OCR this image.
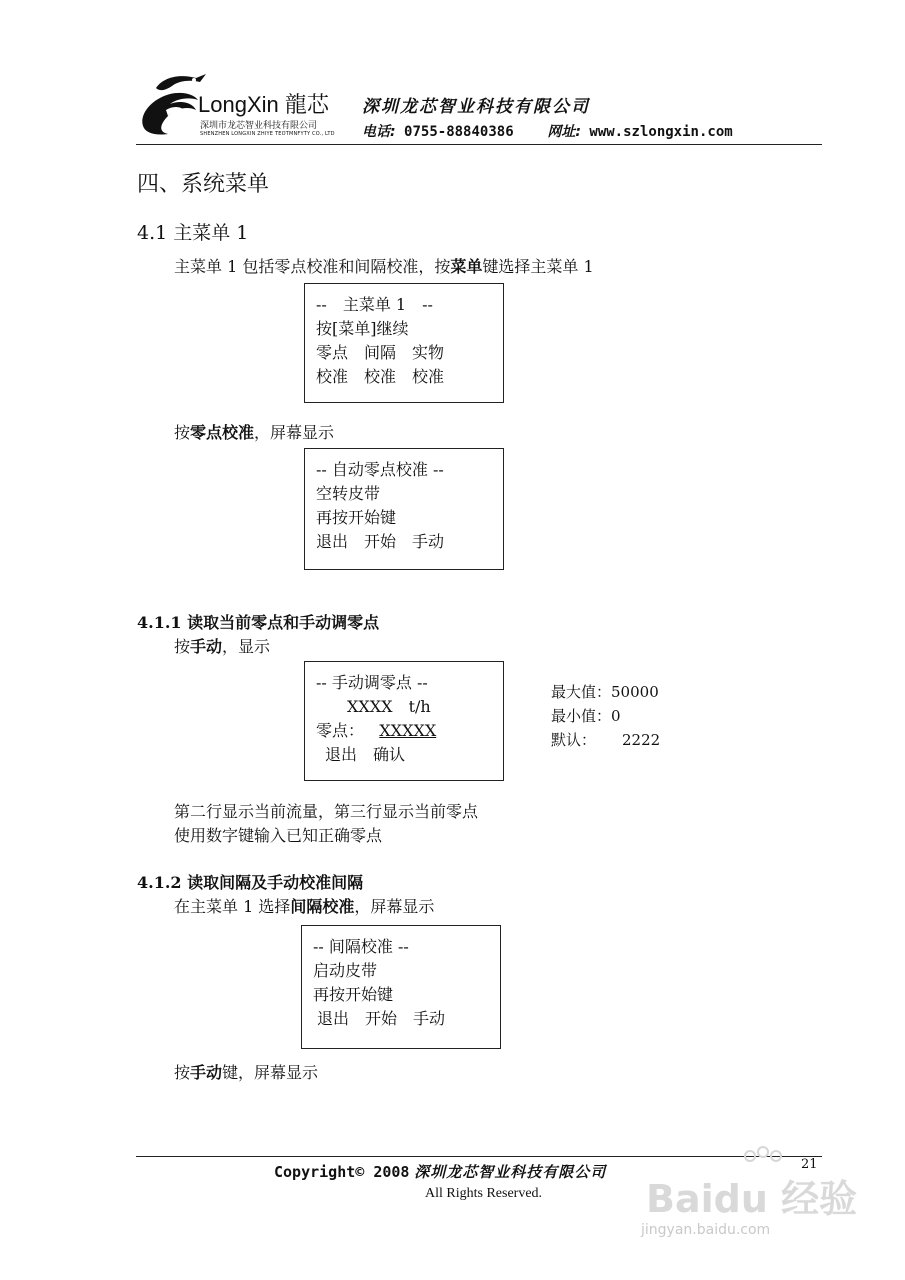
LongXin 龍芯
深圳市龙芯智业科技有限公司
SHENZHEN LONGXIN ZHIYE TEOTMNFYTY CO., LTD
深圳龙芯智业科技有限公司
电话: 0755-88840386 网址: www.szlongxin.com
四、系统菜单
4.1 主菜单 1
主菜单 1 包括零点校准和间隔校准，按菜单键选择主菜单 1
--　主菜单 1　--
按[菜单]继续
零点　间隔　实物
校准　校准　校准
按零点校准，屏幕显示
-- 自动零点校准 --
空转皮带
再按开始键
退出　开始　手动
4.1.1 读取当前零点和手动调零点
按手动，显示
-- 手动调零点 --
XXXX　t/h
零点： XXXXX
退出　确认
最大值：50000
最小值：0
默认： 2222
第二行显示当前流量，第三行显示当前零点
使用数字键输入已知正确零点
4.1.2 读取间隔及手动校准间隔
在主菜单 1 选择间隔校准，屏幕显示
-- 间隔校准 --
启动皮带
再按开始键
退出　开始　手动
按手动键，屏幕显示
Copyright© 2008 深圳龙芯智业科技有限公司
All Rights Reserved.
21
Baidu 经验
jingyan.baidu.com
